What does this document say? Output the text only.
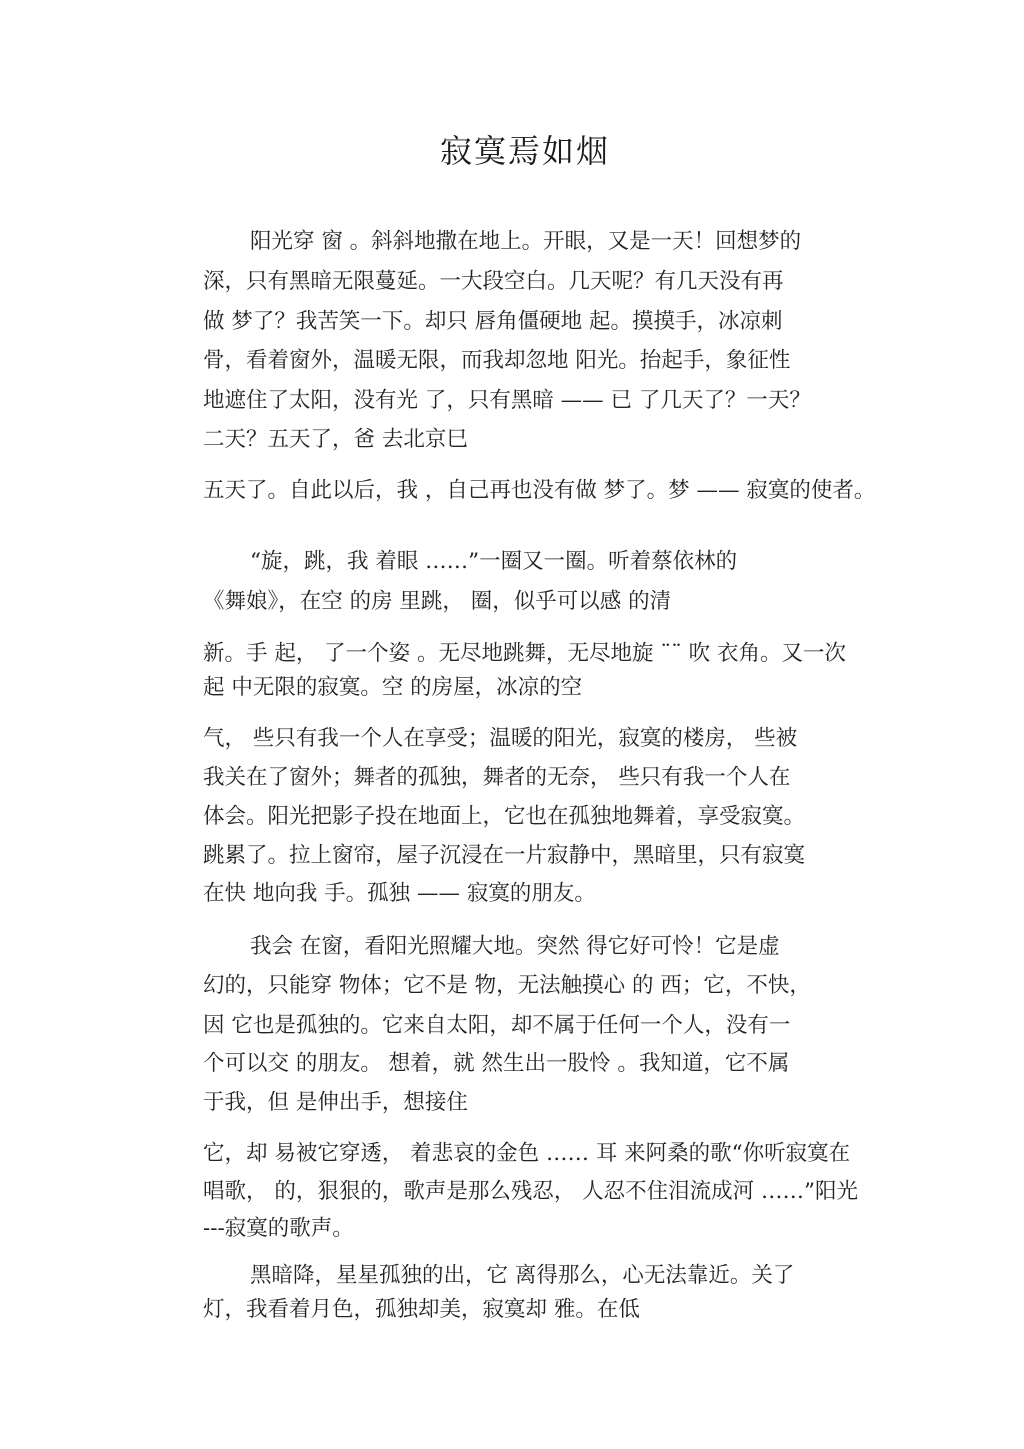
寂寞焉如烟
阳光穿 窗 。斜斜地撒在地上。开眼，又是一天！回想梦的
深，只有黑暗无限蔓延。一大段空白。几天呢？有几天没有再
做 梦了？我苦笑一下。却只 唇角僵硬地 起。摸摸手，冰凉刺
骨，看着窗外，温暖无限，而我却忽地 阳光。抬起手，象征性
地遮住了太阳，没有光 了，只有黑暗 —— 已 了几天了？一天？
二天？五天了，爸 去北京巳
五天了。自此以后，我 ，自己再也没有做 梦了。梦 —— 寂寞的使者。
“旋，跳，我 着眼 ……”一圈又一圈。听着蔡依林的
《舞娘》，在空 的房 里跳， 圈，似乎可以感 的清
新。手 起， 了一个姿 。无尽地跳舞，无尽地旋 ¨¨ 吹 衣角。又一次
起 中无限的寂寞。空 的房屋，冰凉的空
气， 些只有我一个人在享受；温暖的阳光，寂寞的楼房， 些被
我关在了窗外；舞者的孤独，舞者的无奈， 些只有我一个人在
体会。阳光把影子投在地面上，它也在孤独地舞着，享受寂寞。
跳累了。拉上窗帘，屋子沉浸在一片寂静中，黑暗里，只有寂寞
在快 地向我 手。孤独 —— 寂寞的朋友。
我会 在窗，看阳光照耀大地。突然 得它好可怜！它是虚
幻的，只能穿 物体；它不是 物，无法触摸心 的 西；它，不快，
因 它也是孤独的。它来自太阳，却不属于任何一个人，没有一
个可以交 的朋友。 想着，就 然生出一股怜 。我知道，它不属
于我，但 是伸出手，想接住
它，却 易被它穿透， 着悲哀的金色 …… 耳 来阿桑的歌“你听寂寞在
唱歌， 的，狠狠的，歌声是那么残忍， 人忍不住泪流成河 ……”阳光
---寂寞的歌声。
黑暗降，星星孤独的出，它 离得那么，心无法靠近。关了
灯，我看着月色，孤独却美，寂寞却 雅。在低
